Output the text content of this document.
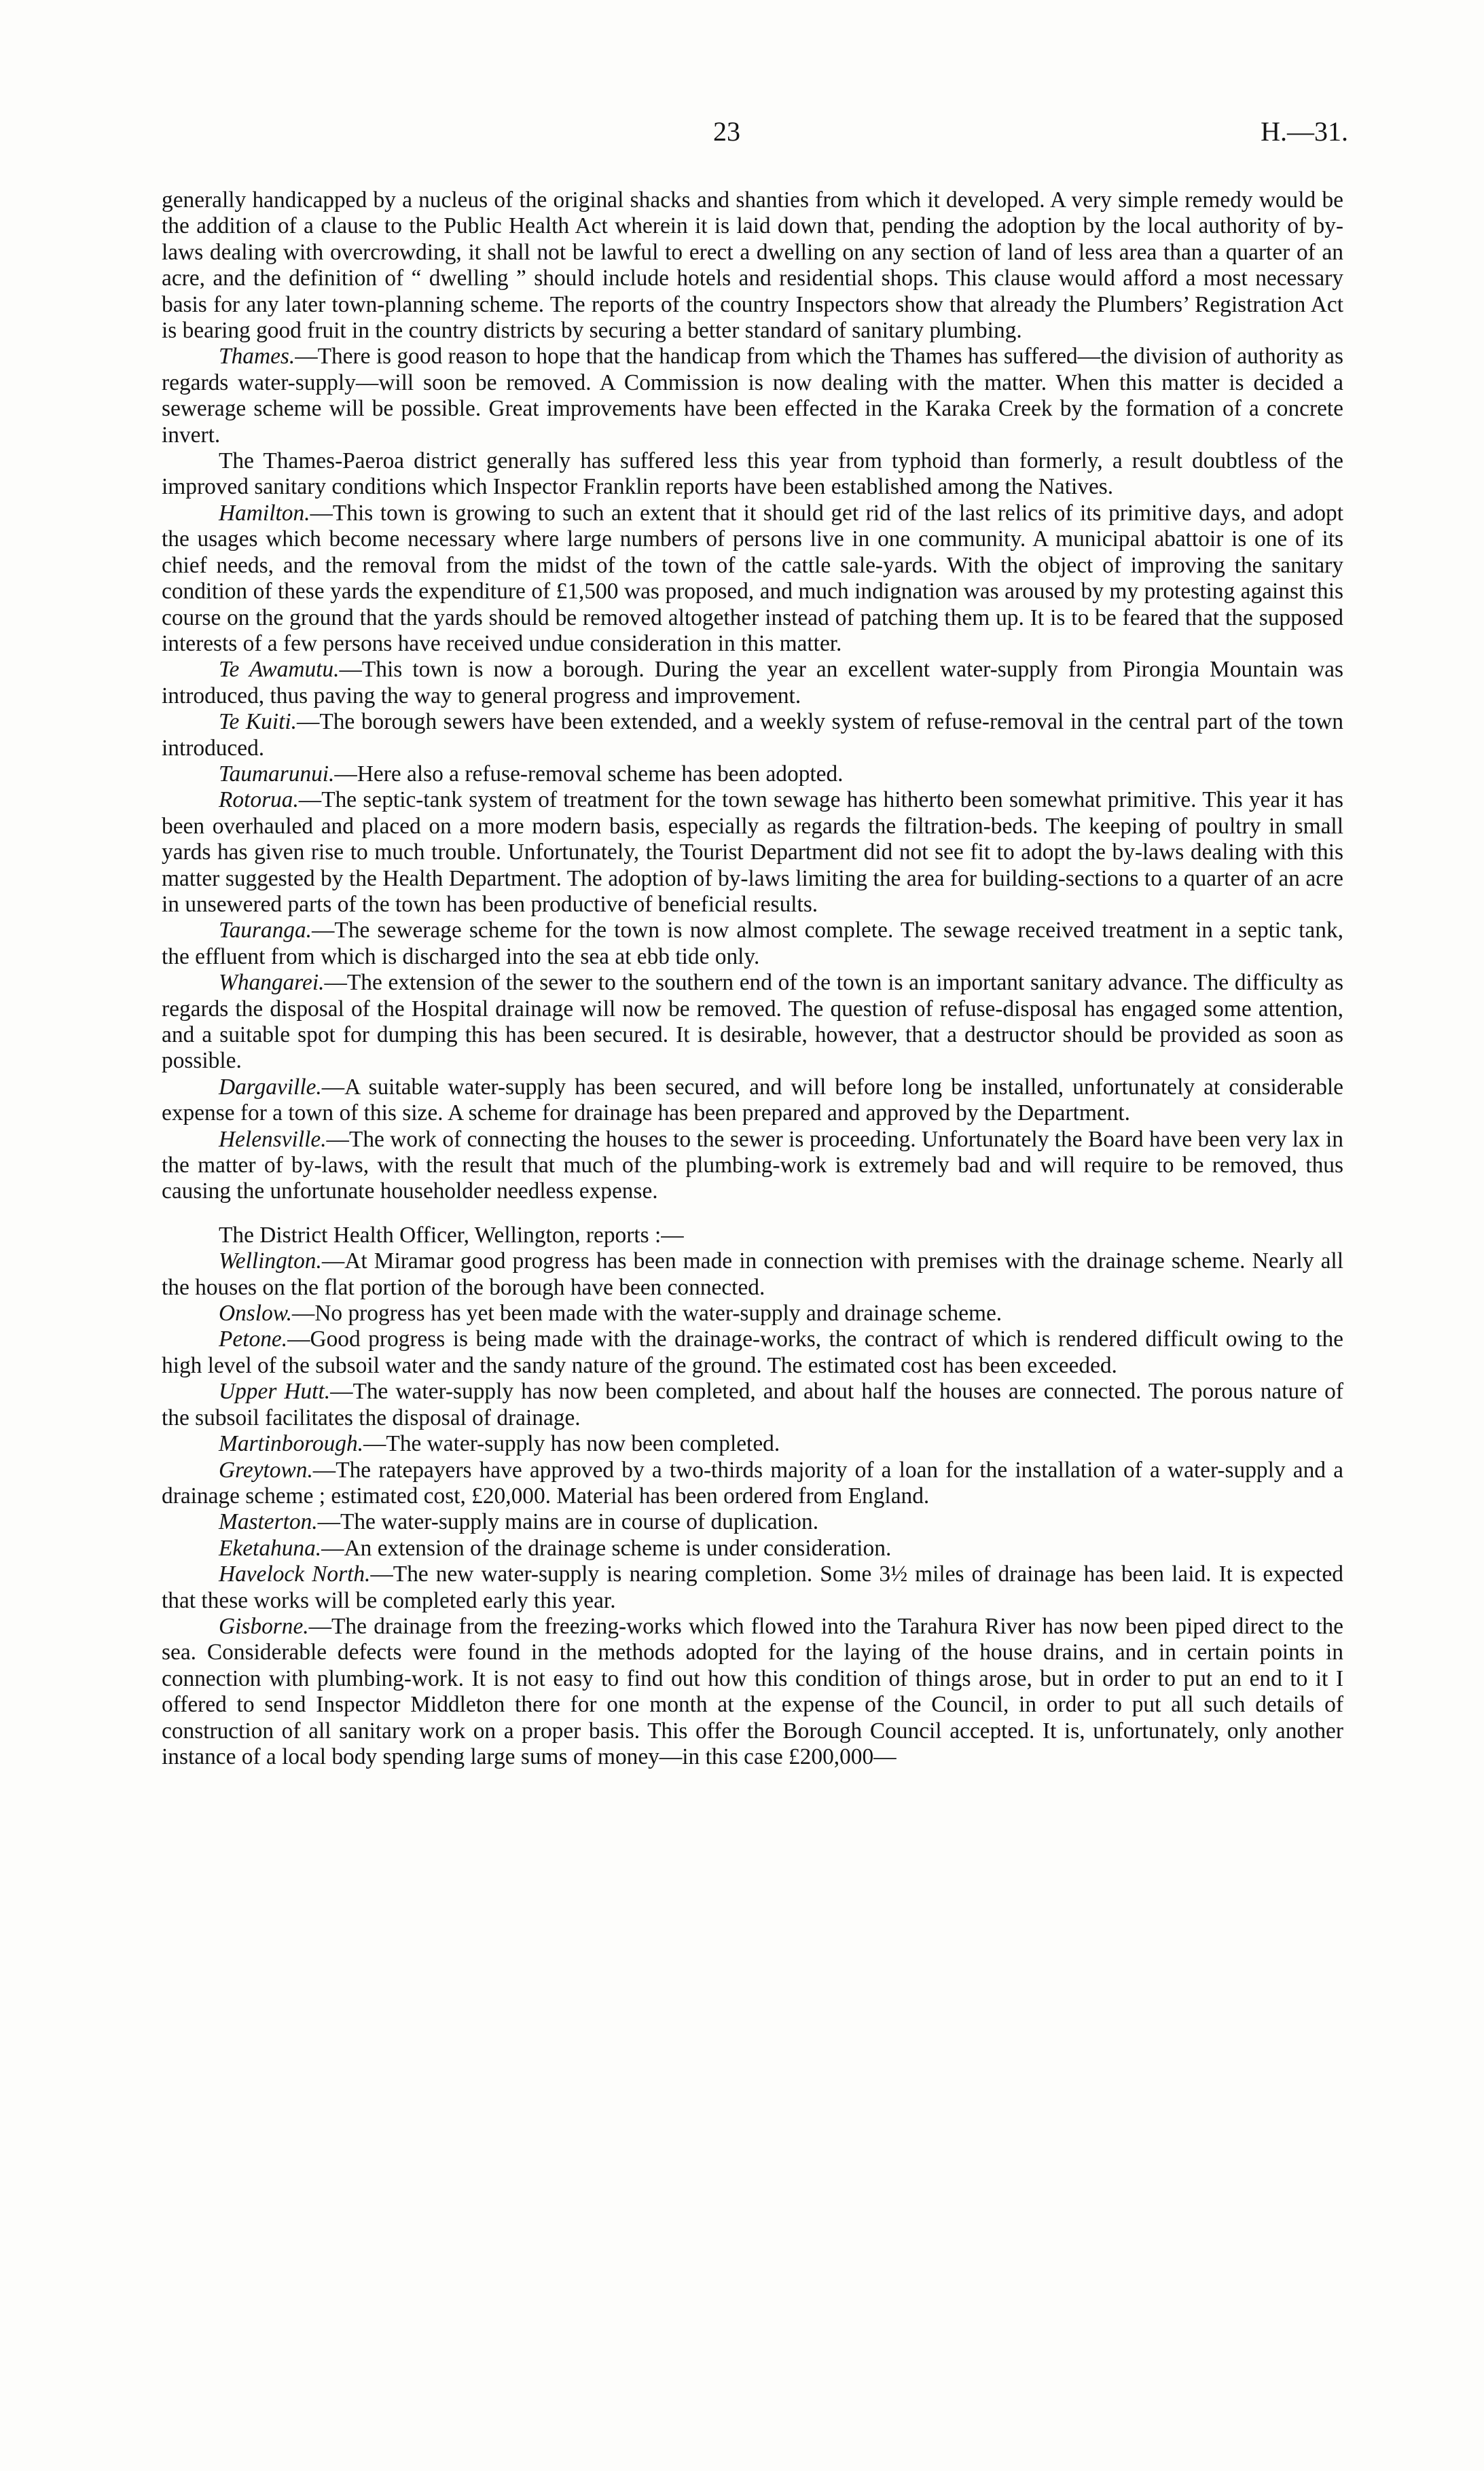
23	H.—31.

generally handicapped by a nucleus of the original shacks and shanties from which it developed. A very simple remedy would be the addition of a clause to the Public Health Act wherein it is laid down that, pending the adoption by the local authority of by-laws dealing with overcrowding, it shall not be lawful to erect a dwelling on any section of land of less area than a quarter of an acre, and the definition of “ dwelling ” should include hotels and residential shops. This clause would afford a most necessary basis for any later town-planning scheme. The reports of the country Inspectors show that already the Plumbers’ Registration Act is bearing good fruit in the country districts by securing a better standard of sanitary plumbing.

Thames.—There is good reason to hope that the handicap from which the Thames has suffered—the division of authority as regards water-supply—will soon be removed. A Commission is now dealing with the matter. When this matter is decided a sewerage scheme will be possible. Great improvements have been effected in the Karaka Creek by the formation of a concrete invert.

The Thames-Paeroa district generally has suffered less this year from typhoid than formerly, a result doubtless of the improved sanitary conditions which Inspector Franklin reports have been established among the Natives.

Hamilton.—This town is growing to such an extent that it should get rid of the last relics of its primitive days, and adopt the usages which become necessary where large numbers of persons live in one community. A municipal abattoir is one of its chief needs, and the removal from the midst of the town of the cattle sale-yards. With the object of improving the sanitary condition of these yards the expenditure of £1,500 was proposed, and much indignation was aroused by my protesting against this course on the ground that the yards should be removed altogether instead of patching them up. It is to be feared that the supposed interests of a few persons have received undue consideration in this matter.

Te Awamutu.—This town is now a borough. During the year an excellent water-supply from Pirongia Mountain was introduced, thus paving the way to general progress and improvement.

Te Kuiti.—The borough sewers have been extended, and a weekly system of refuse-removal in the central part of the town introduced.

Taumarunui.—Here also a refuse-removal scheme has been adopted.

Rotorua.—The septic-tank system of treatment for the town sewage has hitherto been somewhat primitive. This year it has been overhauled and placed on a more modern basis, especially as regards the filtration-beds. The keeping of poultry in small yards has given rise to much trouble. Unfortunately, the Tourist Department did not see fit to adopt the by-laws dealing with this matter suggested by the Health Department. The adoption of by-laws limiting the area for building-sections to a quarter of an acre in unsewered parts of the town has been productive of beneficial results.

Tauranga.—The sewerage scheme for the town is now almost complete. The sewage received treatment in a septic tank, the effluent from which is discharged into the sea at ebb tide only.

Whangarei.—The extension of the sewer to the southern end of the town is an important sanitary advance. The difficulty as regards the disposal of the Hospital drainage will now be removed. The question of refuse-disposal has engaged some attention, and a suitable spot for dumping this has been secured. It is desirable, however, that a destructor should be provided as soon as possible.

Dargaville.—A suitable water-supply has been secured, and will before long be installed, unfortunately at considerable expense for a town of this size. A scheme for drainage has been prepared and approved by the Department.

Helensville.—The work of connecting the houses to the sewer is proceeding. Unfortunately the Board have been very lax in the matter of by-laws, with the result that much of the plumbing-work is extremely bad and will require to be removed, thus causing the unfortunate householder needless expense.

The District Health Officer, Wellington, reports :—

Wellington.—At Miramar good progress has been made in connection with premises with the drainage scheme. Nearly all the houses on the flat portion of the borough have been connected.

Onslow.—No progress has yet been made with the water-supply and drainage scheme.

Petone.—Good progress is being made with the drainage-works, the contract of which is rendered difficult owing to the high level of the subsoil water and the sandy nature of the ground. The estimated cost has been exceeded.

Upper Hutt.—The water-supply has now been completed, and about half the houses are connected. The porous nature of the subsoil facilitates the disposal of drainage.

Martinborough.—The water-supply has now been completed.

Greytown.—The ratepayers have approved by a two-thirds majority of a loan for the installation of a water-supply and a drainage scheme ; estimated cost, £20,000. Material has been ordered from England.

Masterton.—The water-supply mains are in course of duplication.

Eketahuna.—An extension of the drainage scheme is under consideration.

Havelock North.—The new water-supply is nearing completion. Some 3½ miles of drainage has been laid. It is expected that these works will be completed early this year.

Gisborne.—The drainage from the freezing-works which flowed into the Tarahura River has now been piped direct to the sea. Considerable defects were found in the methods adopted for the laying of the house drains, and in certain points in connection with plumbing-work. It is not easy to find out how this condition of things arose, but in order to put an end to it I offered to send Inspector Middleton there for one month at the expense of the Council, in order to put all such details of construction of all sanitary work on a proper basis. This offer the Borough Council accepted. It is, unfortunately, only another instance of a local body spending large sums of money—in this case £200,000—
